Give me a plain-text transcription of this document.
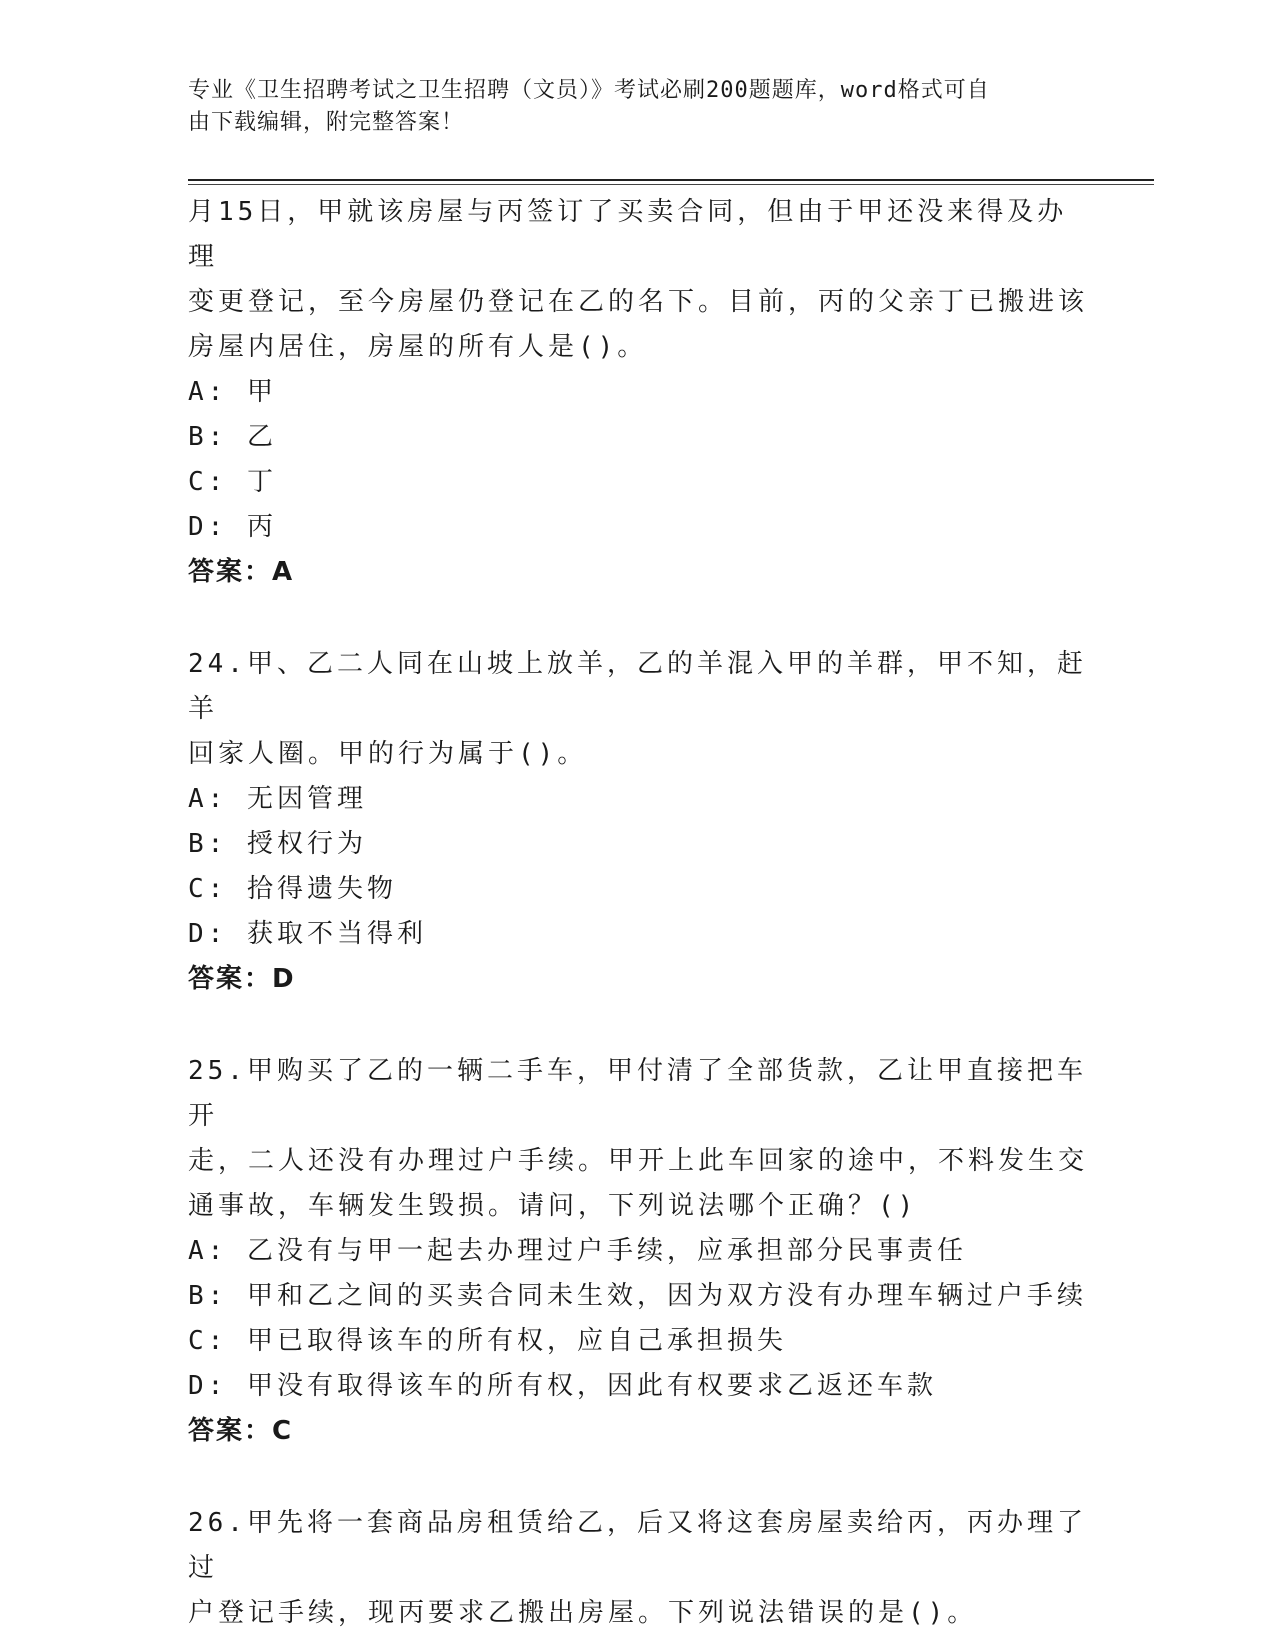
专业《卫生招聘考试之卫生招聘（文员）》考试必刷200题题库，word格式可自
由下载编辑，附完整答案！

月15日，甲就该房屋与丙签订了买卖合同，但由于甲还没来得及办理

变更登记，至今房屋仍登记在乙的名下。目前，丙的父亲丁已搬进该

房屋内居住，房屋的所有人是()。

A: 甲

B: 乙

C: 丁

D: 丙

答案：A

24.甲、乙二人同在山坡上放羊，乙的羊混入甲的羊群，甲不知，赶羊

回家人圈。甲的行为属于()。

A: 无因管理

B: 授权行为

C: 拾得遗失物

D: 获取不当得利

答案：D

25.甲购买了乙的一辆二手车，甲付清了全部货款，乙让甲直接把车开

走，二人还没有办理过户手续。甲开上此车回家的途中，不料发生交

通事故，车辆发生毁损。请问，下列说法哪个正确？()

A: 乙没有与甲一起去办理过户手续，应承担部分民事责任

B: 甲和乙之间的买卖合同未生效，因为双方没有办理车辆过户手续

C: 甲已取得该车的所有权，应自己承担损失

D: 甲没有取得该车的所有权，因此有权要求乙返还车款

答案：C

26.甲先将一套商品房租赁给乙，后又将这套房屋卖给丙，丙办理了过

户登记手续，现丙要求乙搬出房屋。下列说法错误的是()。
